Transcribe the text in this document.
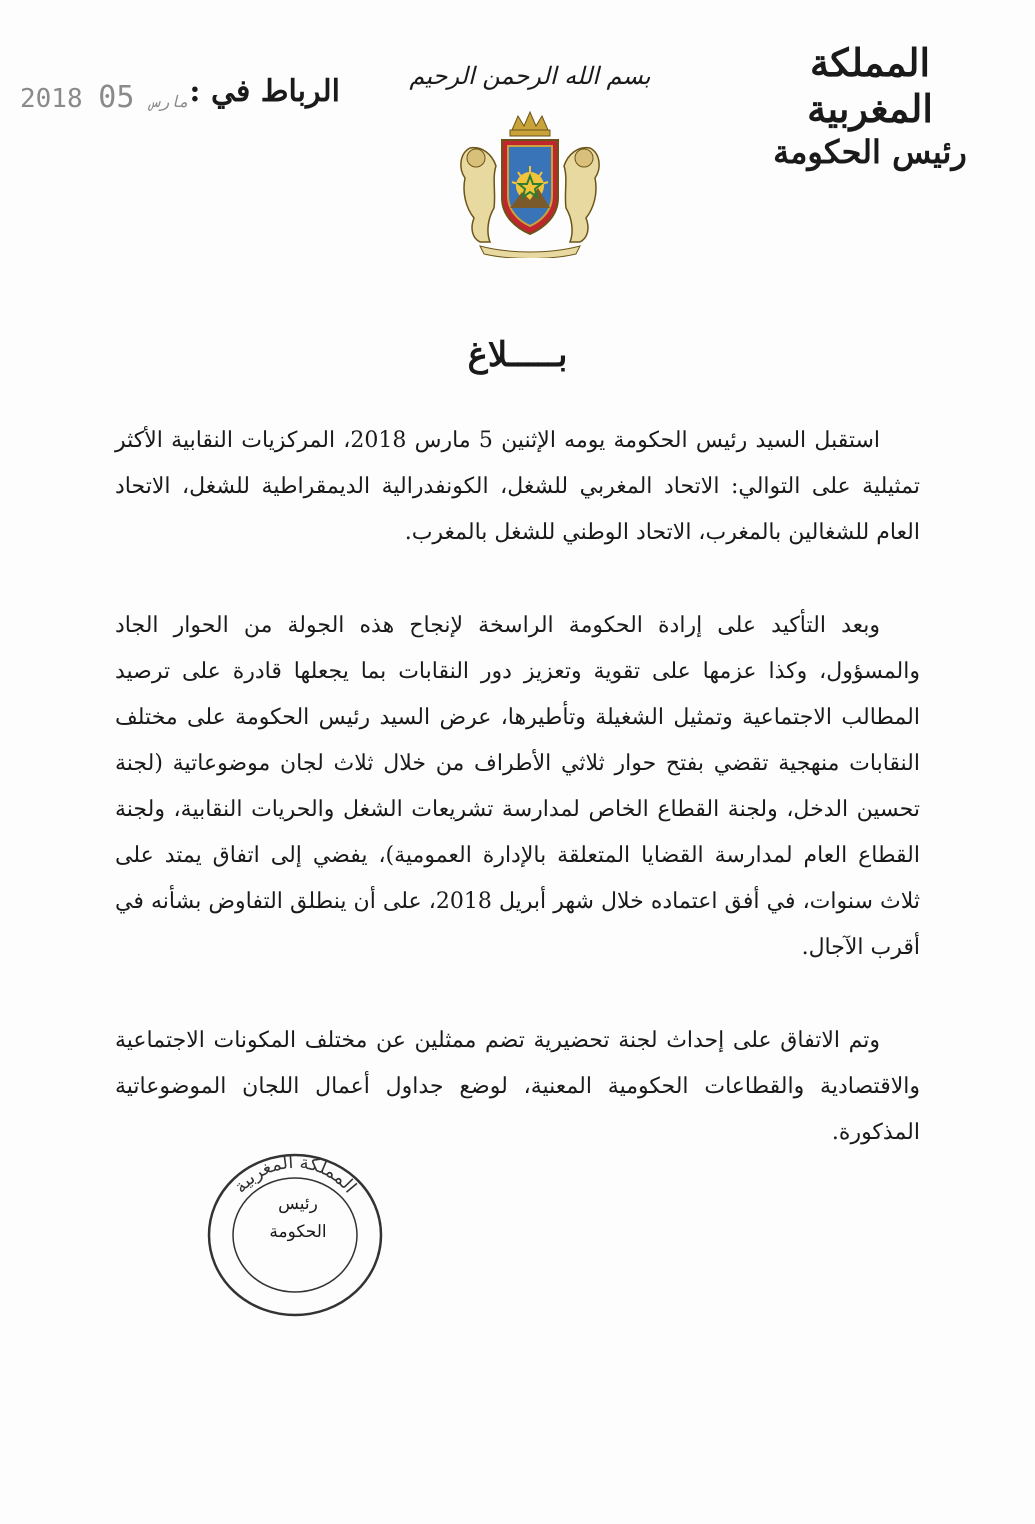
المملكة المغربية
رئيس الحكومة
بسم الله الرحمن الرحيم
الرباط في :
2018	مارس 05
بـــــلاغ

استقبل السيد رئيس الحكومة يومه الإثنين 5 مارس 2018، المركزيات النقابية الأكثر تمثيلية على التوالي: الاتحاد المغربي للشغل، الكونفدرالية الديمقراطية للشغل، الاتحاد العام للشغالين بالمغرب، الاتحاد الوطني للشغل بالمغرب.

وبعد التأكيد على إرادة الحكومة الراسخة لإنجاح هذه الجولة من الحوار الجاد والمسؤول، وكذا عزمها على تقوية وتعزيز دور النقابات بما يجعلها قادرة على ترصيد المطالب الاجتماعية وتمثيل الشغيلة وتأطيرها، عرض السيد رئيس الحكومة على مختلف النقابات منهجية تقضي بفتح حوار ثلاثي الأطراف من خلال ثلاث لجان موضوعاتية (لجنة تحسين الدخل، ولجنة القطاع الخاص لمدارسة تشريعات الشغل والحريات النقابية، ولجنة القطاع العام لمدارسة القضايا المتعلقة بالإدارة العمومية)، يفضي إلى اتفاق يمتد على ثلاث سنوات، في أفق اعتماده خلال شهر أبريل 2018، على أن ينطلق التفاوض بشأنه في أقرب الآجال.

وتم الاتفاق على إحداث لجنة تحضيرية تضم ممثلين عن مختلف المكونات الاجتماعية والاقتصادية والقطاعات الحكومية المعنية، لوضع جداول أعمال اللجان الموضوعاتية المذكورة.

المملكة المغربية
رئيس
الحكومة
